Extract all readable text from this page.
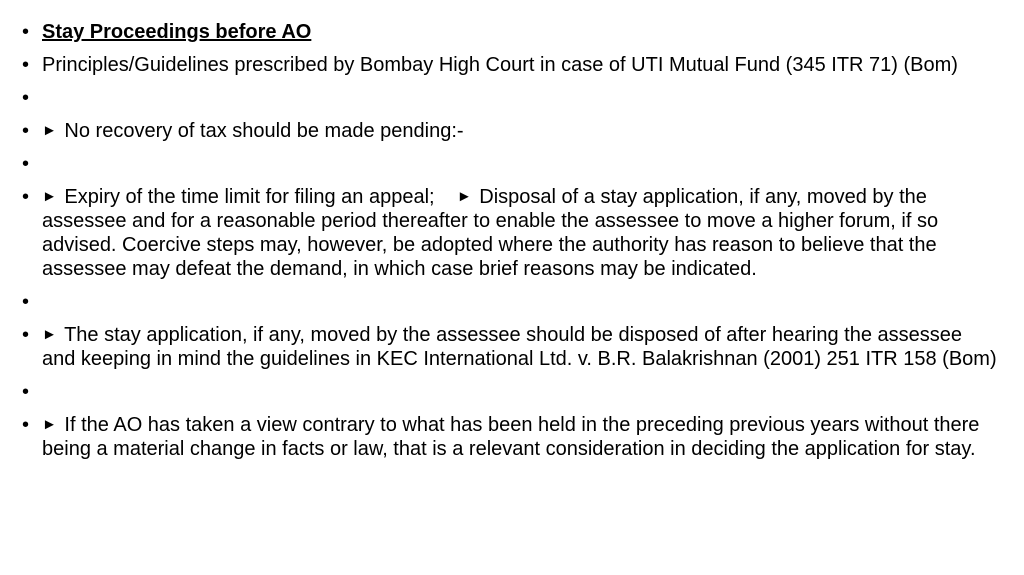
• Stay Proceedings before AO
• Principles/Guidelines prescribed by Bombay High Court in case of UTI Mutual Fund (345 ITR 71) (Bom)
•
• ► No recovery of tax should be made pending:-
•
• ► Expiry of the time limit for filing an appeal; ► Disposal of a stay application, if any, moved by the assessee and for a reasonable period thereafter to enable the assessee to move a higher forum, if so advised. Coercive steps may, however, be adopted where the authority has reason to believe that the assessee may defeat the demand, in which case brief reasons may be indicated.
•
• ► The stay application, if any, moved by the assessee should be disposed of after hearing the assessee and keeping in mind the guidelines in KEC International Ltd. v. B.R. Balakrishnan (2001) 251 ITR 158 (Bom)
•
• ► If the AO has taken a view contrary to what has been held in the preceding previous years without there being a material change in facts or law, that is a relevant consideration in deciding the application for stay.
